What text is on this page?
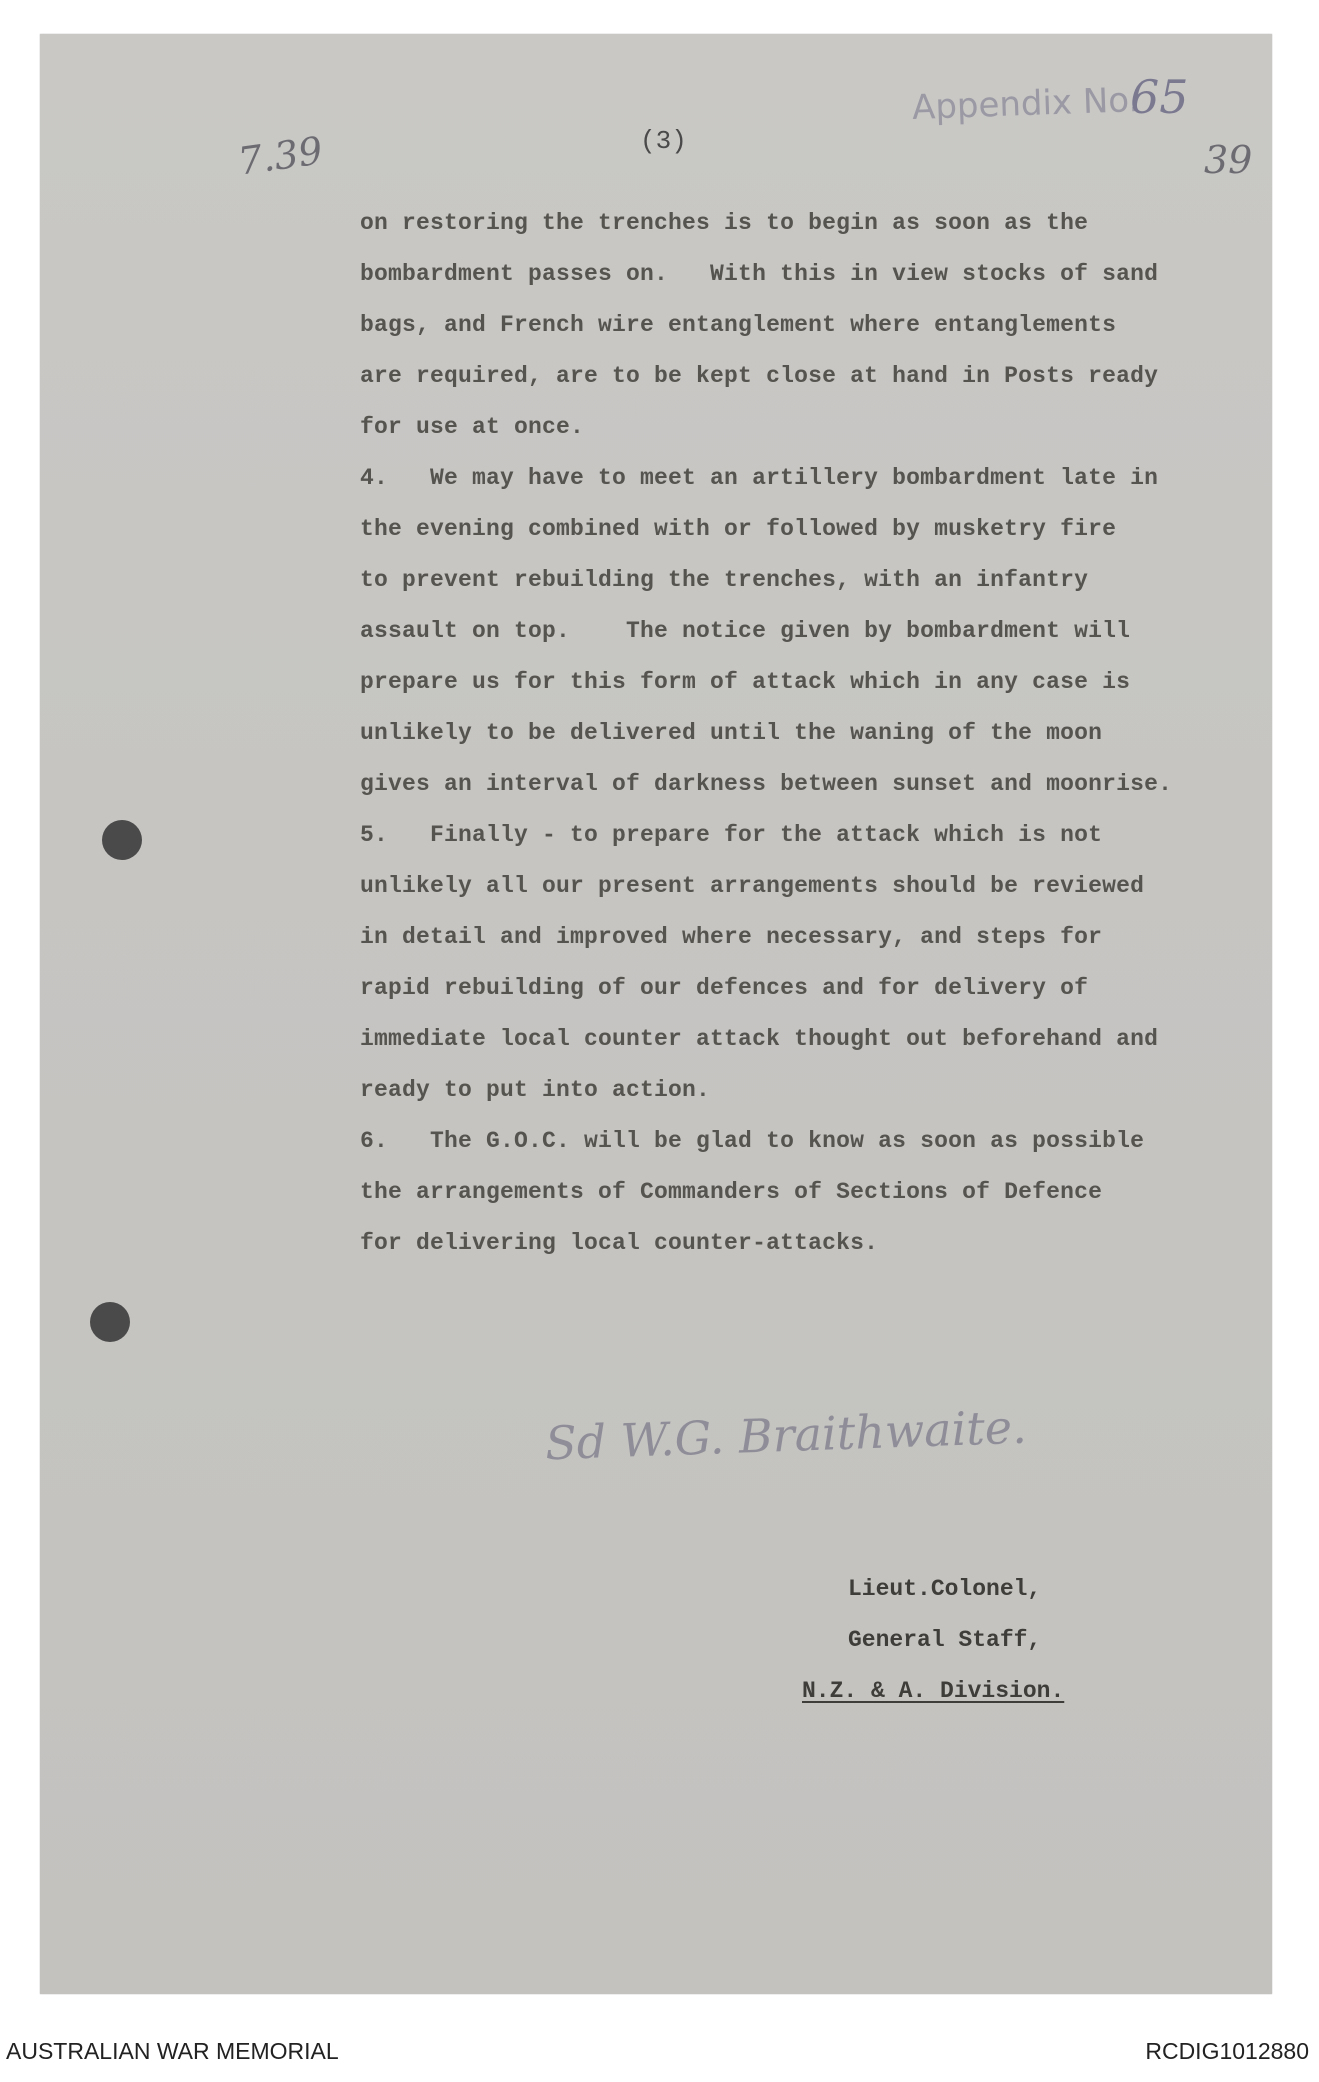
7.39	(3)
Appendix No.
65
39
on restoring the trenches is to begin as soon as the
bombardment passes on.   With this in view stocks of sand
bags, and French wire entanglement where entanglements
are required, are to be kept close at hand in Posts ready
for use at once.
4.   We may have to meet an artillery bombardment late in
the evening combined with or followed by musketry fire
to prevent rebuilding the trenches, with an infantry
assault on top.    The notice given by bombardment will
prepare us for this form of attack which in any case is
unlikely to be delivered until the waning of the moon
gives an interval of darkness between sunset and moonrise.
5.   Finally - to prepare for the attack which is not
unlikely all our present arrangements should be reviewed
in detail and improved where necessary, and steps for
rapid rebuilding of our defences and for delivery of
immediate local counter attack thought out beforehand and
ready to put into action.
6.   The G.O.C. will be glad to know as soon as possible
the arrangements of Commanders of Sections of Defence
for delivering local counter-attacks.
Sd W.G. Braithwaite.
Lieut.Colonel,
General Staff,
N.Z. & A. Division.
AUSTRALIAN WAR MEMORIAL	RCDIG1012880
